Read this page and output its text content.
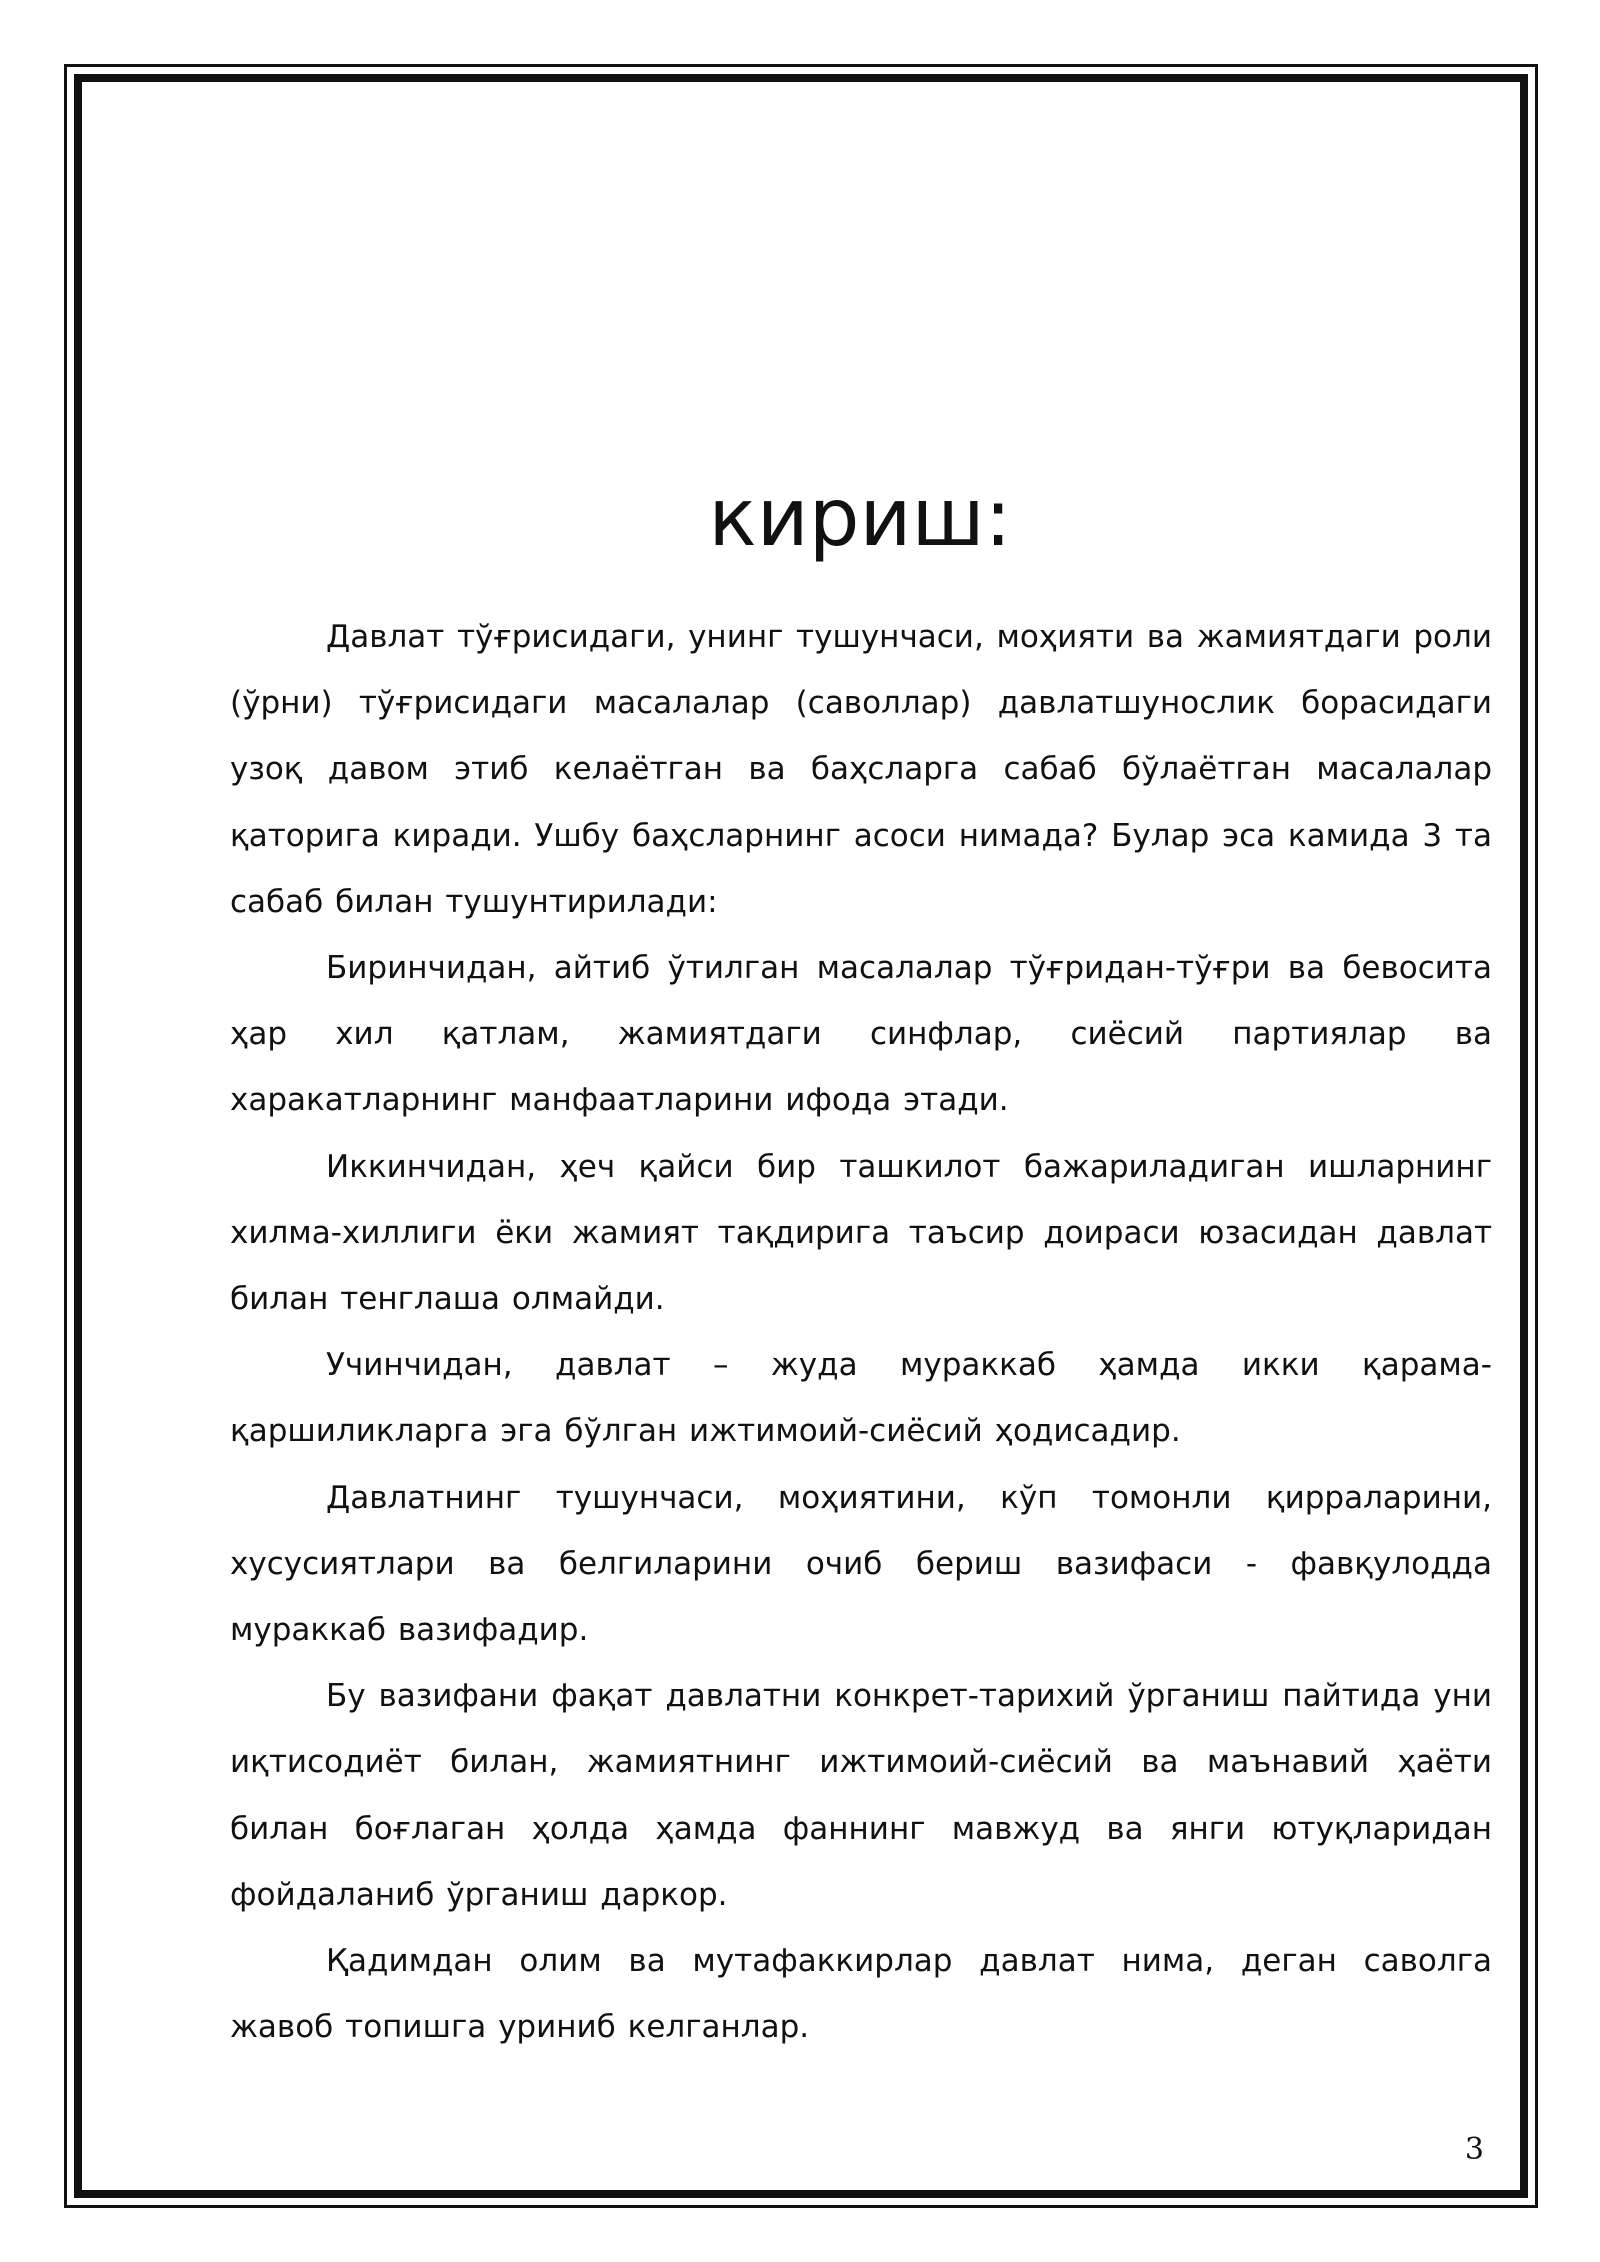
кириш:

Давлат тўғрисидаги, унинг тушунчаси, моҳияти ва жамиятдаги роли (ўрни) тўғрисидаги масалалар (саволлар) давлатшунослик борасидаги узоқ давом этиб келаётган ва баҳсларга сабаб бўлаётган масалалар қаторига киради. Ушбу баҳсларнинг асоси нимада? Булар эса камида 3 та сабаб билан тушунтирилади:

Биринчидан, айтиб ўтилган масалалар тўғридан-тўғри ва бевосита ҳар хил қатлам, жамиятдаги синфлар, сиёсий партиялар ва харакатларнинг манфаатларини ифода этади.

Иккинчидан, ҳеч қайси бир ташкилот бажариладиган ишларнинг хилма-хиллиги ёки жамият тақдирига таъсир доираси юзасидан давлат билан тенглаша олмайди.

Учинчидан, давлат – жуда мураккаб ҳамда икки қарама-қаршиликларга эга бўлган ижтимоий-сиёсий ҳодисадир.

Давлатнинг тушунчаси, моҳиятини, кўп томонли қирраларини, хусусиятлари ва белгиларини очиб бериш вазифаси - фавқулодда мураккаб вазифадир.

Бу вазифани фақат давлатни конкрет-тарихий ўрганиш пайтида уни иқтисодиёт билан, жамиятнинг ижтимоий-сиёсий ва маънавий ҳаёти билан боғлаган ҳолда ҳамда фаннинг мавжуд ва янги ютуқларидан фойдаланиб ўрганиш даркор.

Қадимдан олим ва мутафаккирлар давлат нима, деган саволга жавоб топишга уриниб келганлар.

3
